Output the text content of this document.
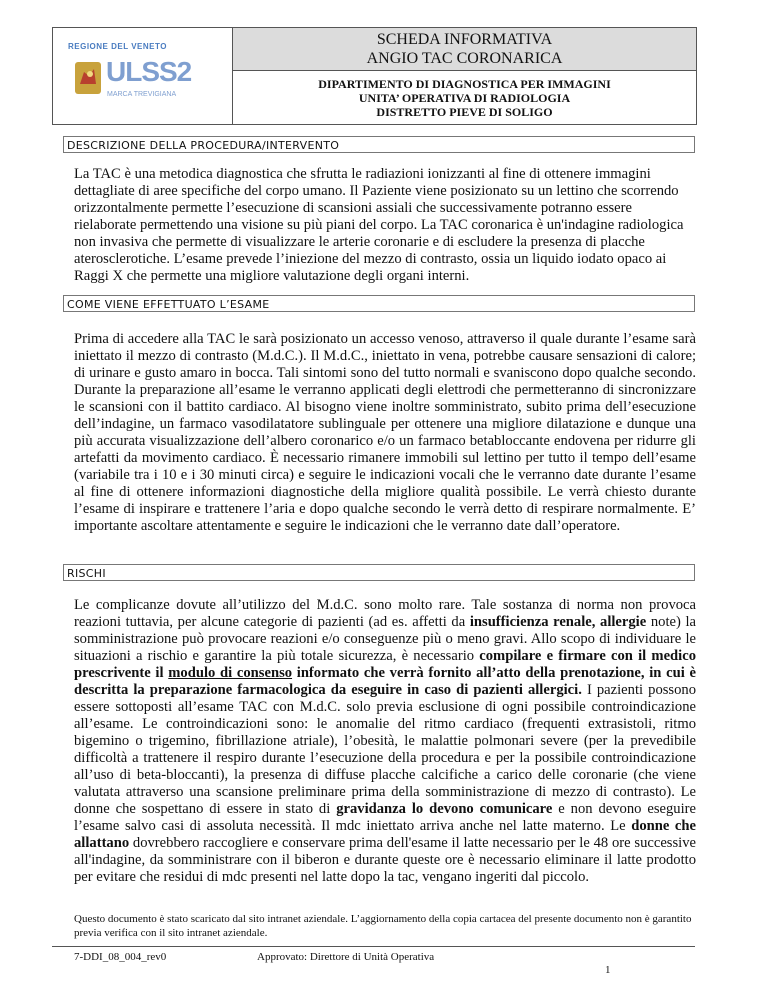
REGIONE DEL VENETO
ULSS2
MARCA TREVIGIANA
SCHEDA INFORMATIVA
ANGIO TAC CORONARICA
DIPARTIMENTO DI DIAGNOSTICA PER IMMAGINI
UNITA’ OPERATIVA DI RADIOLOGIA
DISTRETTO PIEVE DI SOLIGO
DESCRIZIONE DELLA PROCEDURA/INTERVENTO
La TAC è una metodica diagnostica che sfrutta le radiazioni ionizzanti al fine di ottenere immagini dettagliate di aree specifiche del corpo umano. Il Paziente viene posizionato su un lettino che scorrendo orizzontalmente permette l’esecuzione di scansioni assiali che successivamente potranno essere rielaborate permettendo una visione su più piani del corpo. La TAC coronarica è un'indagine radiologica non invasiva che permette di visualizzare le arterie coronarie e di escludere la presenza di placche aterosclerotiche. L’esame prevede l’iniezione del mezzo di contrasto, ossia un liquido iodato opaco ai Raggi X che permette una migliore valutazione degli organi interni.
COME VIENE EFFETTUATO L’ESAME
Prima di accedere alla TAC le sarà posizionato un accesso venoso, attraverso il quale durante l’esame sarà iniettato il mezzo di contrasto (M.d.C.). Il M.d.C., iniettato in vena, potrebbe causare sensazioni di calore; di urinare e gusto amaro in bocca. Tali sintomi sono del tutto normali e svaniscono dopo qualche secondo. Durante la preparazione all’esame le verranno applicati degli elettrodi che permetteranno di sincronizzare le scansioni con il battito cardiaco. Al bisogno viene inoltre somministrato, subito prima dell’esecuzione dell’indagine, un farmaco vasodilatatore sublinguale per ottenere una migliore dilatazione e dunque una più accurata visualizzazione dell’albero coronarico e/o un farmaco betabloccante endovena per ridurre gli artefatti da movimento cardiaco. È necessario rimanere immobili sul lettino per tutto il tempo dell’esame (variabile tra i 10 e i 30 minuti circa) e seguire le indicazioni vocali che le verranno date durante l’esame al fine di ottenere informazioni diagnostiche della migliore qualità possibile. Le verrà chiesto durante l’esame di inspirare e trattenere l’aria e dopo qualche secondo le verrà detto di respirare normalmente. E’ importante ascoltare attentamente e seguire le indicazioni che le verranno date dall’operatore.
RISCHI
Le complicanze dovute all’utilizzo del M.d.C. sono molto rare. Tale sostanza di norma non provoca reazioni tuttavia, per alcune categorie di pazienti (ad es. affetti da insufficienza renale, allergie note) la somministrazione può provocare reazioni e/o conseguenze più o meno gravi. Allo scopo di individuare le situazioni a rischio e garantire la più totale sicurezza, è necessario compilare e firmare con il medico prescrivente il modulo di consenso informato che verrà fornito all’atto della prenotazione, in cui è descritta la preparazione farmacologica da eseguire in caso di pazienti allergici. I pazienti possono essere sottoposti all’esame TAC con M.d.C. solo previa esclusione di ogni possibile controindicazione all’esame. Le controindicazioni sono: le anomalie del ritmo cardiaco (frequenti extrasistoli, ritmo bigemino o trigemino, fibrillazione atriale), l’obesità, le malattie polmonari severe (per la prevedibile difficoltà a trattenere il respiro durante l’esecuzione della procedura e per la possibile controindicazione all’uso di beta-bloccanti), la presenza di diffuse placche calcifiche a carico delle coronarie (che viene valutata attraverso una scansione preliminare prima della somministrazione di mezzo di contrasto). Le donne che sospettano di essere in stato di gravidanza lo devono comunicare e non devono eseguire l’esame salvo casi di assoluta necessità. Il mdc iniettato arriva anche nel latte materno. Le donne che allattano dovrebbero raccogliere e conservare prima dell'esame il latte necessario per le 48 ore successive all'indagine, da somministrare con il biberon e durante queste ore è necessario eliminare il latte prodotto per evitare che residui di mdc presenti nel latte dopo la tac, vengano ingeriti dal piccolo.
Questo documento è stato scaricato dal sito intranet aziendale. L’aggiornamento della copia cartacea del presente documento non è garantito previa verifica con il sito intranet aziendale.
7-DDI_08_004_rev0	Approvato: Direttore di Unità Operativa
1
